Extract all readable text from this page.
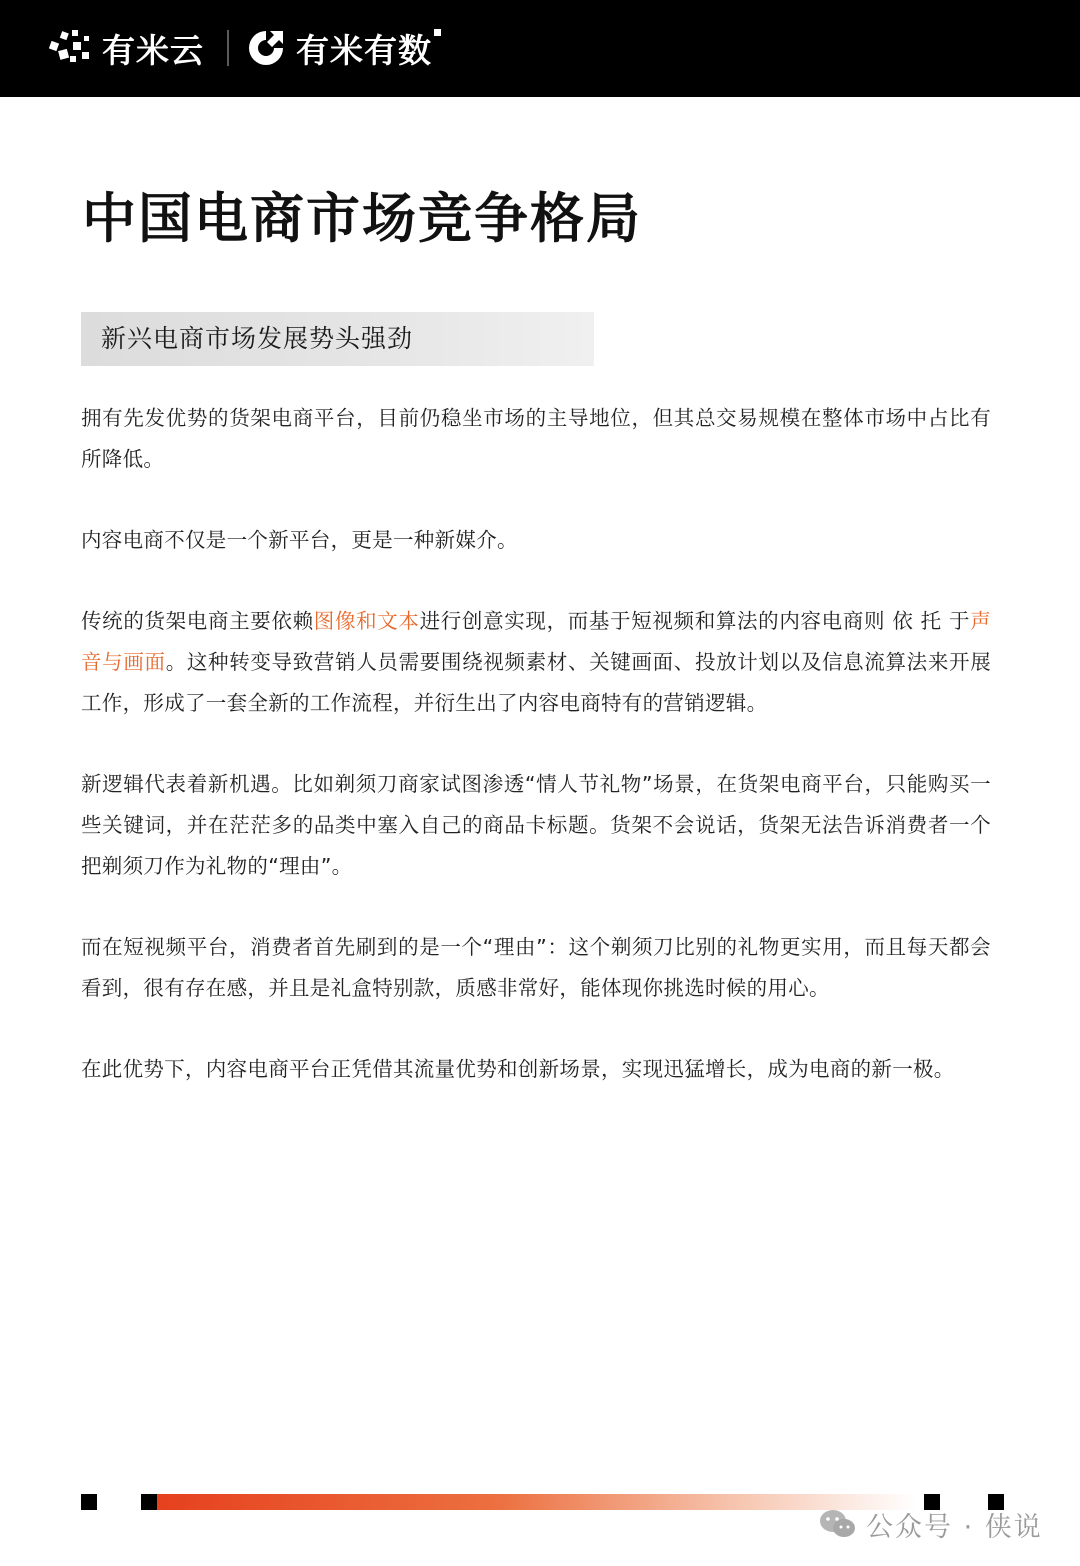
有米云	有米有数
中国电商市场竞争格局
新兴电商市场发展势头强劲

拥有先发优势的货架电商平台，目前仍稳坐市场的主导地位，但其总交易规模在整体市场中占比有所降低。

内容电商不仅是一个新平台，更是一种新媒介。

传统的货架电商主要依赖图像和文本进行创意实现，而基于短视频和算法的内容电商则 依 托 于声音与画面。这种转变导致营销人员需要围绕视频素材、关键画面、投放计划以及信息流算法来开展工作，形成了一套全新的工作流程，并衍生出了内容电商特有的营销逻辑。

新逻辑代表着新机遇。比如剃须刀商家试图渗透“情人节礼物”场景，在货架电商平台，只能购买一些关键词，并在茫茫多的品类中塞入自己的商品卡标题。货架不会说话，货架无法告诉消费者一个把剃须刀作为礼物的“理由”。

而在短视频平台，消费者首先刷到的是一个“理由”：这个剃须刀比别的礼物更实用，而且每天都会看到，很有存在感，并且是礼盒特别款，质感非常好，能体现你挑选时候的用心。

在此优势下，内容电商平台正凭借其流量优势和创新场景，实现迅猛增长，成为电商的新一极。

公众号 · 侠说
